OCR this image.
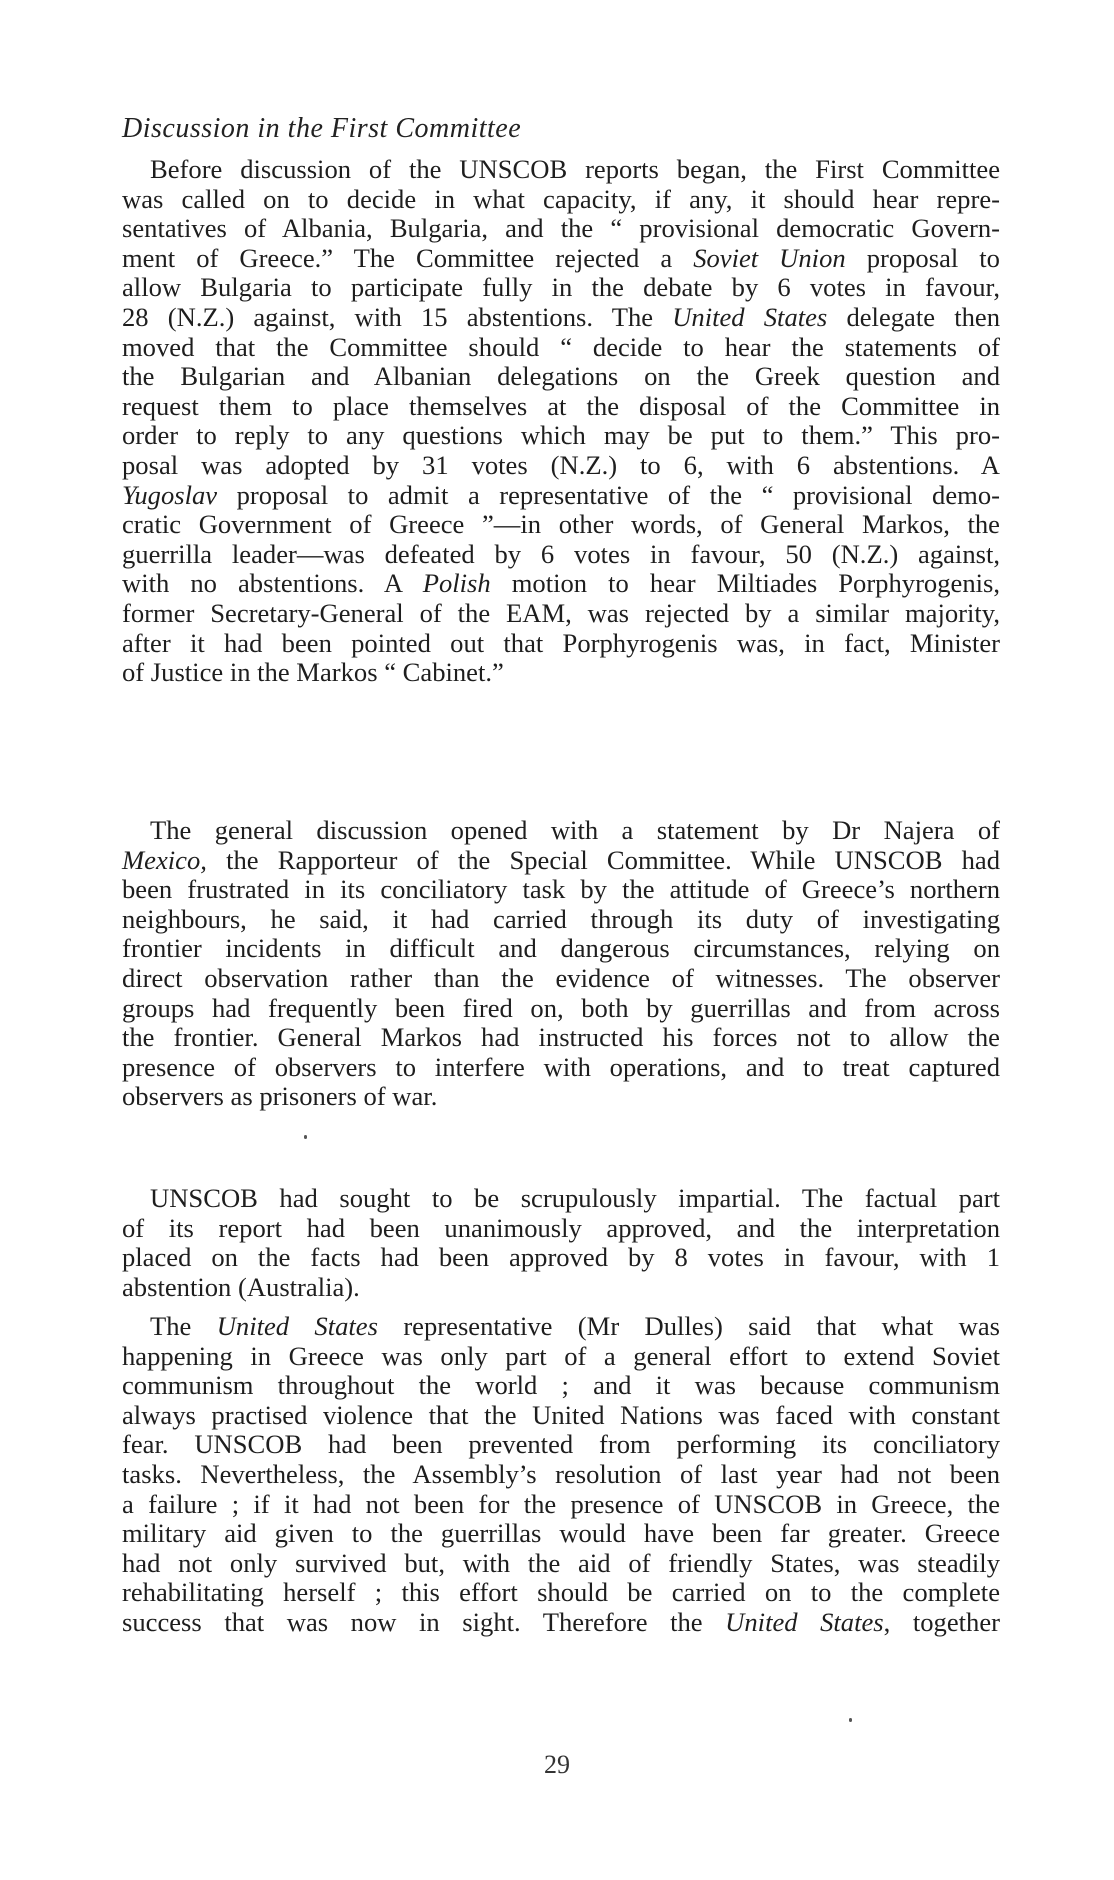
Discussion in the First Committee
Before discussion of the UNSCOB reports began, the First Committee
was called on to decide in what capacity, if any, it should hear repre-
sentatives of Albania, Bulgaria, and the “ provisional democratic Govern-
ment of Greece.” The Committee rejected a Soviet Union proposal to
allow Bulgaria to participate fully in the debate by 6 votes in favour,
28 (N.Z.) against, with 15 abstentions. The United States delegate then
moved that the Committee should “ decide to hear the statements of
the Bulgarian and Albanian delegations on the Greek question and
request them to place themselves at the disposal of the Committee in
order to reply to any questions which may be put to them.” This pro-
posal was adopted by 31 votes (N.Z.) to 6, with 6 abstentions. A
Yugoslav proposal to admit a representative of the “ provisional demo-
cratic Government of Greece ”—in other words, of General Markos, the
guerrilla leader—was defeated by 6 votes in favour, 50 (N.Z.) against,
with no abstentions. A Polish motion to hear Miltiades Porphyrogenis,
former Secretary-General of the EAM, was rejected by a similar majority,
after it had been pointed out that Porphyrogenis was, in fact, Minister
of Justice in the Markos “ Cabinet.”
The general discussion opened with a statement by Dr Najera of
Mexico, the Rapporteur of the Special Committee. While UNSCOB had
been frustrated in its conciliatory task by the attitude of Greece’s northern
neighbours, he said, it had carried through its duty of investigating
frontier incidents in difficult and dangerous circumstances, relying on
direct observation rather than the evidence of witnesses. The observer
groups had frequently been fired on, both by guerrillas and from across
the frontier. General Markos had instructed his forces not to allow the
presence of observers to interfere with operations, and to treat captured
observers as prisoners of war.
UNSCOB had sought to be scrupulously impartial. The factual part
of its report had been unanimously approved, and the interpretation
placed on the facts had been approved by 8 votes in favour, with 1
abstention (Australia).
The United States representative (Mr Dulles) said that what was
happening in Greece was only part of a general effort to extend Soviet
communism throughout the world ; and it was because communism
always practised violence that the United Nations was faced with constant
fear. UNSCOB had been prevented from performing its conciliatory
tasks. Nevertheless, the Assembly’s resolution of last year had not been
a failure ; if it had not been for the presence of UNSCOB in Greece, the
military aid given to the guerrillas would have been far greater. Greece
had not only survived but, with the aid of friendly States, was steadily
rehabilitating herself ; this effort should be carried on to the complete
success that was now in sight. Therefore the United States, together
29
